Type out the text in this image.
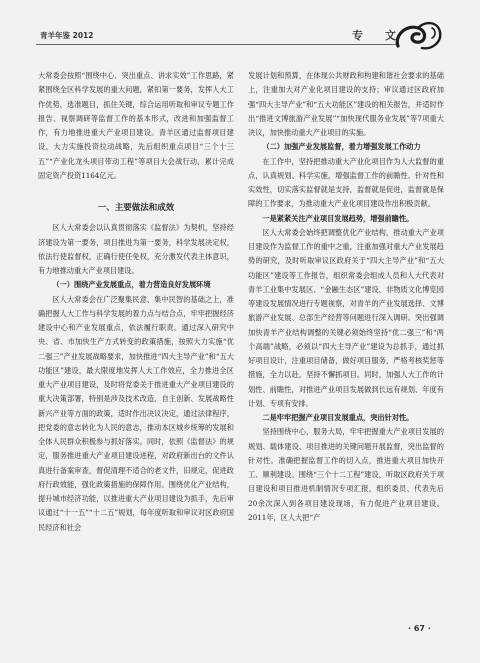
青羊年鉴 2012	专 文

大常委会按照“围绕中心、突出重点、讲求实效”工作思路，紧紧围绕全区科学发展的重大问题，紧扣第一要务，发挥人大工作优势，选准题目，抓住关键，综合运用听取和审议专题工作报告、视察调研等监督工作的基本形式，改进和加强监督工作，有力地推进重大产业项目建设。青羊区通过监督项目建设，大力实施投资拉动战略，先后组织重点项目“三个十三五”“产业化龙头项目带动工程”等项目大会战行动，累计完成固定资产投资1164亿元。

一、主要做法和成效

区人大常委会以认真贯彻落实《监督法》为契机，坚持经济建设为第一要务，项目推进为第一要务，科学发展决定权，依法行使监督权，正确行使任免权，充分激发代表主体意识，有力地推动重大产业项目建设。

（一）围绕产业发展重点，着力营造良好发展环境

区人大常委会在广泛聚集民意、集中民智的基础之上，准确把握人大工作与科学发展的着力点与结合点，牢牢把握经济建设中心和产业发展重点，依法履行职责。通过深入研究中央、省、市加快生产方式转变的政策措施，按照大力实施“优二强三”产业发展战略要求，加快推进“四大主导产业”和“五大功能区”建设，最大限度地发挥人大工作效应，全力推进全区重大产业项目建设，及时将党委关于推进重大产业项目建设的重大决策部署，特别是涉及技术改造、自主创新、发展战略性新兴产业等方面的政策，适时作出决议决定，通过法律程序，把党委的意志转化为人民的意志，推动本区城乡统筹的发展和全体人民群众积极参与抓好落实。同时，依照《监督法》的规定，服务推进重大产业项目建设进程，对政府新出台的文件认真进行备案审查，督促清理不适合的老文件，旧规定，促进政府行政效能，强化政策措施的保障作用。围绕优化产业结构，提升城市经济功能，以推进重大产业项目建设为抓手，先后审议通过“十一五”“十二五”规划，每年度听取和审议对区政府国民经济和社会

发展计划和预算，在体现公共财政和构建和谐社会要求的基础上，注重加大对产业化项目建设的支持；审议通过区政府加强“四大主导产业”和“五大功能区”建设的相关报告，并适时作出“推进文博旅游产业发展”“加快现代服务业发展”等7项重大决议，加快推动重大产业项目的实施。

（二）加强产业发展监督，着力增强发展工作动力

在工作中，坚持把推动重大产业化项目作为人大监督的重点，认真规划、科学实施，增强监督工作的前瞻性、针对性和实效性，切实落实监督就是支持，监督就是促进，监督就是保障的工作要求，为推动重大产业化项目建设作出积极贡献。

一是紧紧关注产业项目发展趋势，增强前瞻性。

区人大常委会始终把调整优化产业结构，推动重大产业项目建设作为监督工作的重中之重，注重加强对重大产业发展趋势的研究，及时听取审议区政府关于“四大主导产业”和“五大功能区”建设等工作报告，组织常委会组成人员和人大代表对青羊工业集中发展区、“金融生态区”建设，非物质文化博览园等建设发展情况进行专题视察，对青羊的产业发展选择、文博旅游产业发展、总部生产经营等问题进行深入调研。突出强调加快青羊产业结构调整的关键必须始终坚持“优二强三”和“两个高端”战略，必须以“四大主导产业”建设为总抓手，通过抓好项目设计，注重项目储备，做好项目服务，严格考核奖惩等措施，全力以赴，坚持不懈抓项目。同时，加强人大工作的计划性、前瞻性，对推进产业项目发展做到长远有规划、年度有计划、专项有安排。

二是牢牢把握产业项目发展重点，突出针对性。

坚持围绕中心，服务大局，牢牢把握重大产业项目发展的规划、载体建设、项目推进的关键问题开展监督，突出监督的针对性。准确把握监督工作的切入点，推进重大项目加快开工、顺利建设。围绕“三个十二工程”建设，听取区政府关于项目建设和项目推进机制情况专项汇报，组织委员、代表先后20余次深入到各项目建设现场，有力促进产业项目建设。2011年，区人大把“产

· 67 ·
